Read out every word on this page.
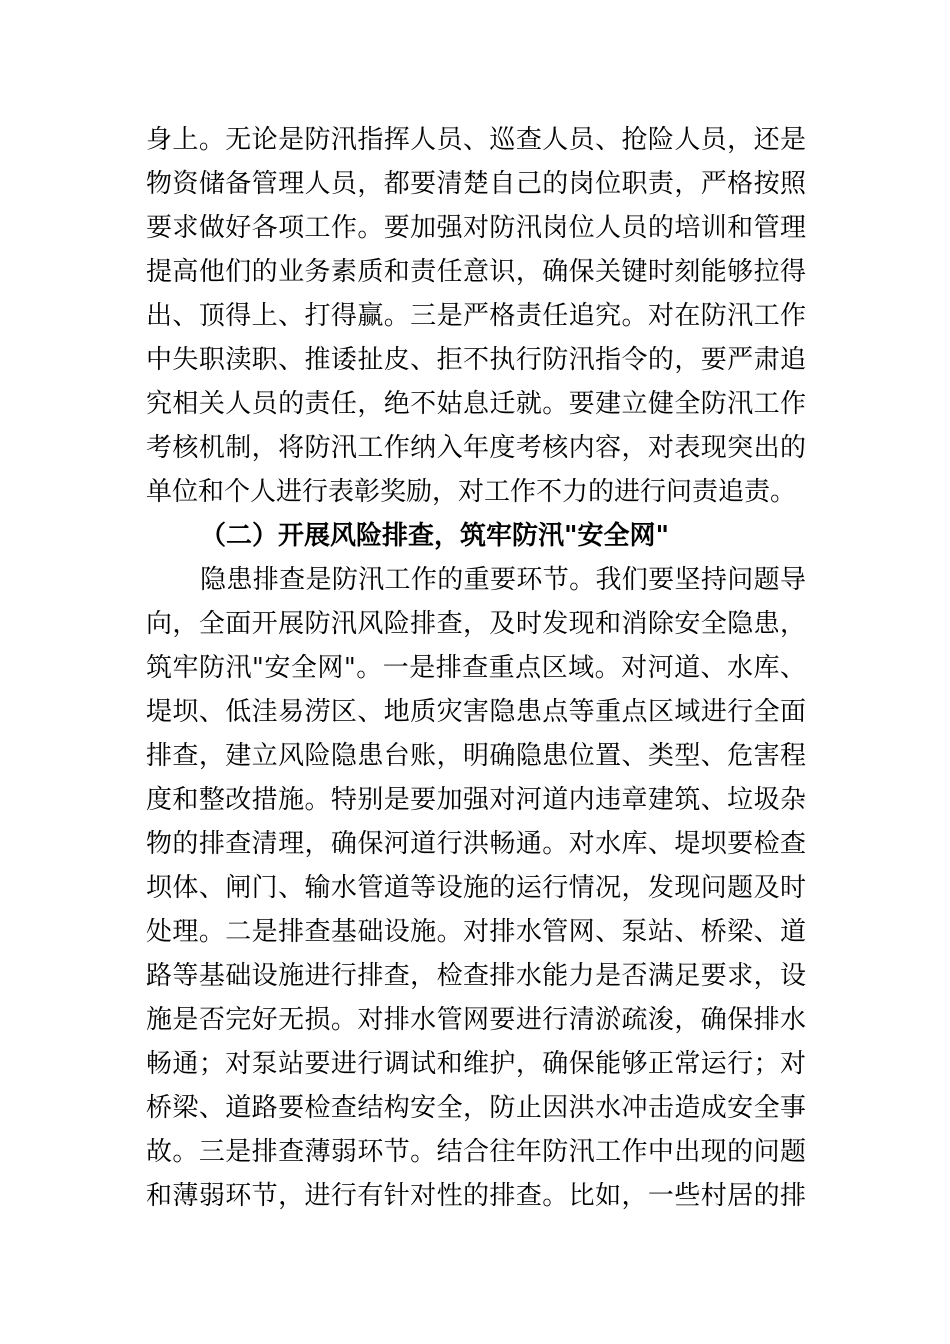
身上。无论是防汛指挥人员、巡查人员、抢险人员，还是
物资储备管理人员，都要清楚自己的岗位职责，严格按照
要求做好各项工作。要加强对防汛岗位人员的培训和管理
提高他们的业务素质和责任意识，确保关键时刻能够拉得
出、顶得上、打得赢。三是严格责任追究。对在防汛工作
中失职渎职、推诿扯皮、拒不执行防汛指令的，要严肃追
究相关人员的责任，绝不姑息迁就。要建立健全防汛工作
考核机制，将防汛工作纳入年度考核内容，对表现突出的
单位和个人进行表彰奖励，对工作不力的进行问责追责。
（二）开展风险排查，筑牢防汛"安全网"
隐患排查是防汛工作的重要环节。我们要坚持问题导
向，全面开展防汛风险排查，及时发现和消除安全隐患，
筑牢防汛"安全网"。一是排查重点区域。对河道、水库、
堤坝、低洼易涝区、地质灾害隐患点等重点区域进行全面
排查，建立风险隐患台账，明确隐患位置、类型、危害程
度和整改措施。特别是要加强对河道内违章建筑、垃圾杂
物的排查清理，确保河道行洪畅通。对水库、堤坝要检查
坝体、闸门、输水管道等设施的运行情况，发现问题及时
处理。二是排查基础设施。对排水管网、泵站、桥梁、道
路等基础设施进行排查，检查排水能力是否满足要求，设
施是否完好无损。对排水管网要进行清淤疏浚，确保排水
畅通；对泵站要进行调试和维护，确保能够正常运行；对
桥梁、道路要检查结构安全，防止因洪水冲击造成安全事
故。三是排查薄弱环节。结合往年防汛工作中出现的问题
和薄弱环节，进行有针对性的排查。比如，一些村居的排
